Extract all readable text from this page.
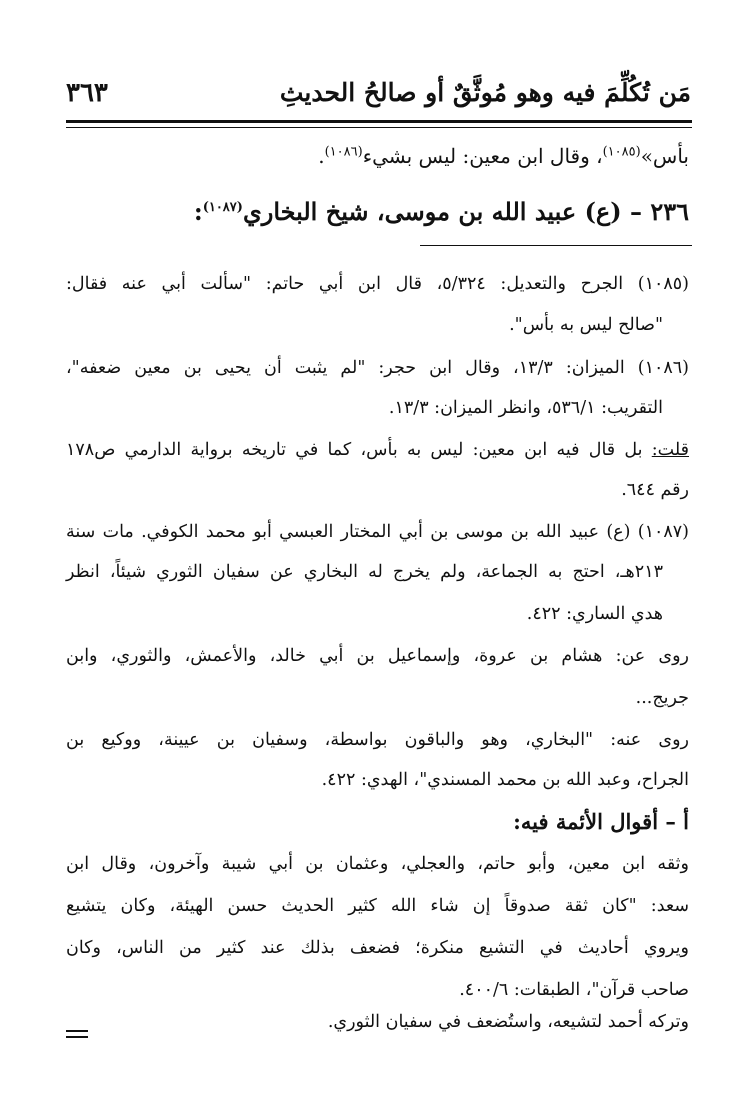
مَن تُكُلِّمَ فيه وهو مُوثَّقٌ أو صالحُ الحديثِ
٣٦٣
بأس»$^{(١٠٨٥)}$، وقال ابن معين: ليس بشيء$^{(١٠٨٦)}$.
٢٣٦ – (ع) عبيد الله بن موسى، شيخ البخاري$^{(١٠٨٧)}$:
(١٠٨٥) الجرح والتعديل: ٥/٣٢٤، قال ابن أبي حاتم: "سألت أبي عنه فقال:
"صالح ليس به بأس".
(١٠٨٦) الميزان: ١٣/٣، وقال ابن حجر: "لم يثبت أن يحيى بن معين ضعفه"،
التقريب: ٥٣٦/١، وانظر الميزان: ١٣/٣.
قلت: بل قال فيه ابن معين: ليس به بأس، كما في تاريخه برواية الدارمي ص١٧٨
رقم ٦٤٤.
(١٠٨٧) (ع) عبيد الله بن موسى بن أبي المختار العبسي أبو محمد الكوفي. مات سنة
٢١٣هـ، احتج به الجماعة، ولم يخرج له البخاري عن سفيان الثوري شيئاً، انظر
هدي الساري: ٤٢٢.
روى عن: هشام بن عروة، وإسماعيل بن أبي خالد، والأعمش، والثوري، وابن
جريج...
روى عنه: "البخاري، وهو والباقون بواسطة، وسفيان بن عيينة، ووكيع بن
الجراح، وعبد الله بن محمد المسندي"، الهدي: ٤٢٢.
أ – أقوال الأئمة فيه:
وثقه ابن معين، وأبو حاتم، والعجلي، وعثمان بن أبي شيبة وآخرون، وقال ابن
سعد: "كان ثقة صدوقاً إن شاء الله كثير الحديث حسن الهيئة، وكان يتشيع
ويروي أحاديث في التشيع منكرة؛ فضعف بذلك عند كثير من الناس، وكان
صاحب قرآن"، الطبقات: ٤٠٠/٦.
وتركه أحمد لتشيعه، واستُضعف في سفيان الثوري.
